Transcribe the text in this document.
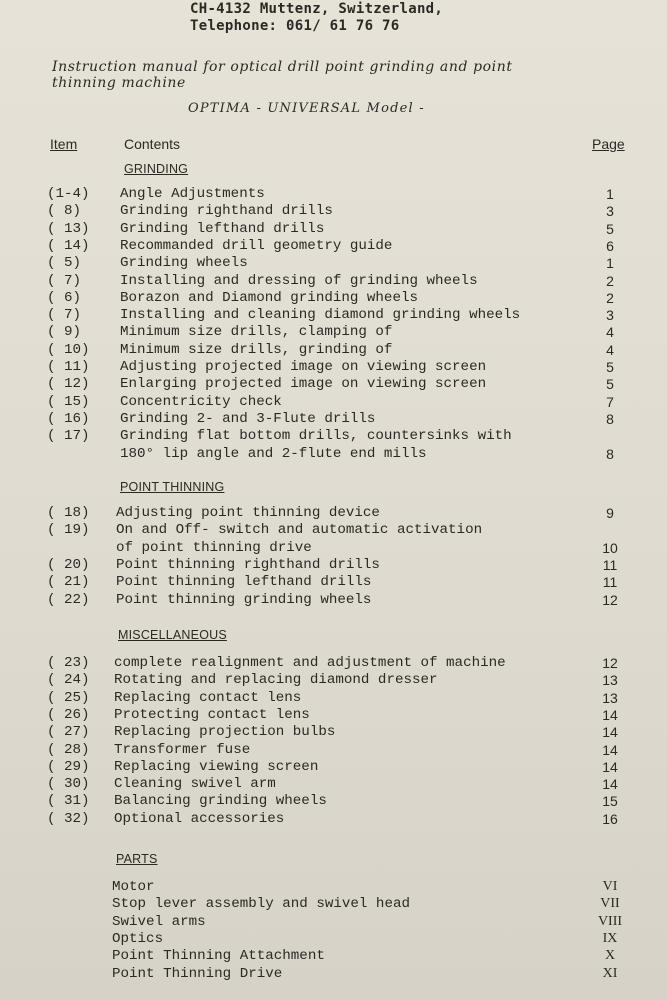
CH-4132 Muttenz, Switzerland,
Telephone: 061/ 61 76 76
Instruction manual for optical drill point grinding and point
thinning machine
OPTIMA - UNIVERSAL Model -
Item	Contents	Page
GRINDING
(1-4) Angle Adjustments	1
( 8)	Grinding righthand drills	3
( 13) Grinding lefthand drills	5
( 14) Recommanded drill geometry guide	6
( 5)	Grinding wheels	1
( 7)	Installing and dressing of grinding wheels	2
( 6)	Borazon and Diamond grinding wheels	2
( 7)	Installing and cleaning diamond grinding wheels	3
( 9)	Minimum size drills, clamping of	4
( 10) Minimum size drills, grinding of	4
( 11) Adjusting projected image on viewing screen	5
( 12) Enlarging projected image on viewing screen	5
( 15) Concentricity check	7
( 16) Grinding 2- and 3-Flute drills	8
( 17) Grinding flat bottom drills, countersinks with
180° lip angle and 2-flute end mills	8
POINT THINNING
( 18) Adjusting point thinning device	9
( 19) On and Off- switch and automatic activation
of point thinning drive	10
( 20) Point thinning righthand drills	11
( 21) Point thinning lefthand drills	11
( 22) Point thinning grinding wheels	12
MISCELLANEOUS
( 23) complete realignment and adjustment of machine	12
( 24) Rotating and replacing diamond dresser	13
( 25) Replacing contact lens	13
( 26) Protecting contact lens	14
( 27) Replacing projection bulbs	14
( 28) Transformer fuse	14
( 29) Replacing viewing screen	14
( 30) Cleaning swivel arm	14
( 31) Balancing grinding wheels	15
( 32) Optional accessories	16
PARTS
Motor	VI
Stop lever assembly and swivel head	VII
Swivel arms	VIII
Optics	IX
Point Thinning Attachment	X
Point Thinning Drive	XI
